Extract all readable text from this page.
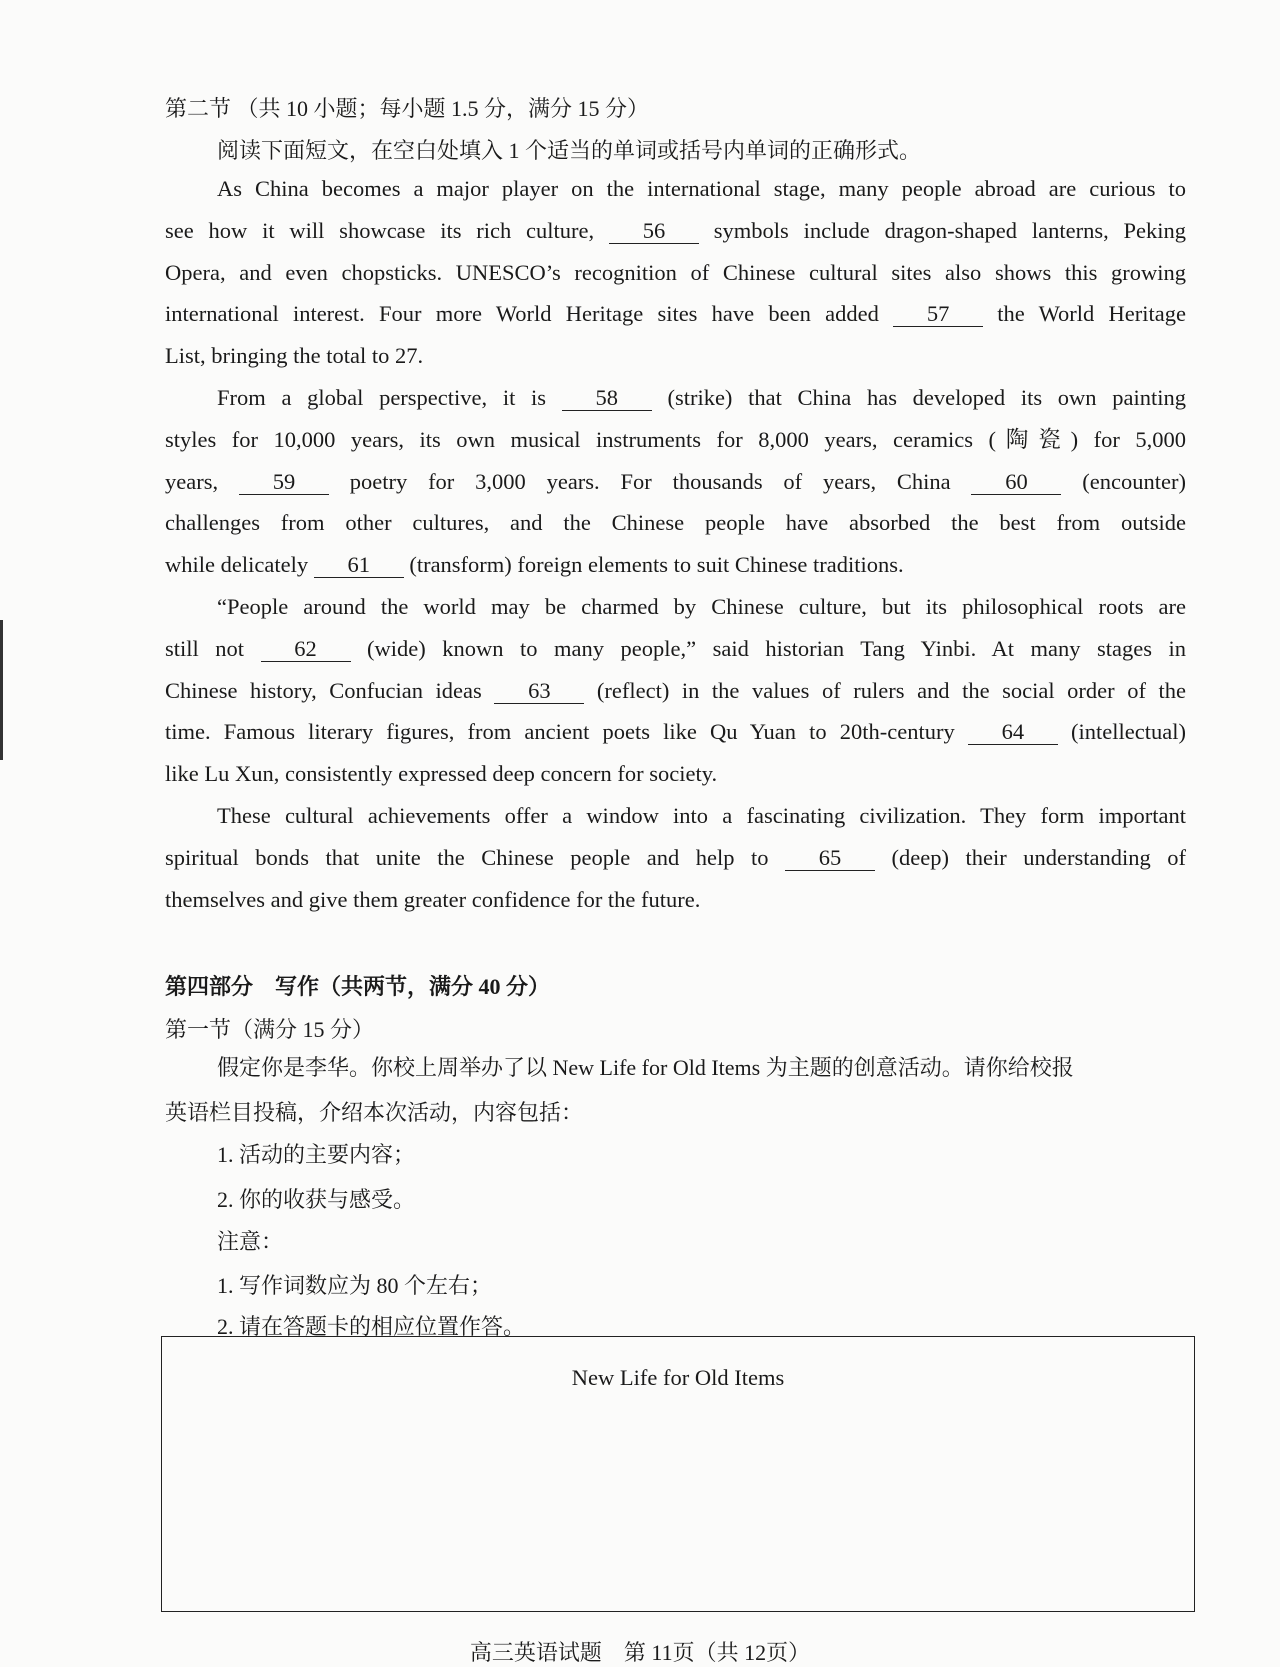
第二节 （共 10 小题；每小题 1.5 分，满分 15 分）
阅读下面短文，在空白处填入 1 个适当的单词或括号内单词的正确形式。
As China becomes a major player on the international stage, many people abroad are curious to
see how it will showcase its rich culture, 56 symbols include dragon-shaped lanterns, Peking
Opera, and even chopsticks. UNESCO’s recognition of Chinese cultural sites also shows this growing
international interest. Four more World Heritage sites have been added 57 the World Heritage
List, bringing the total to 27.
From a global perspective, it is 58 (strike) that China has developed its own painting
styles for 10,000 years, its own musical instruments for 8,000 years, ceramics (陶瓷) for 5,000
years, 59 poetry for 3,000 years. For thousands of years, China 60 (encounter)
challenges from other cultures, and the Chinese people have absorbed the best from outside
while delicately 61 (transform) foreign elements to suit Chinese traditions.
“People around the world may be charmed by Chinese culture, but its philosophical roots are
still not 62 (wide) known to many people,” said historian Tang Yinbi. At many stages in
Chinese history, Confucian ideas 63 (reflect) in the values of rulers and the social order of the
time. Famous literary figures, from ancient poets like Qu Yuan to 20th-century 64 (intellectual)
like Lu Xun, consistently expressed deep concern for society.
These cultural achievements offer a window into a fascinating civilization. They form important
spiritual bonds that unite the Chinese people and help to 65 (deep) their understanding of
themselves and give them greater confidence for the future.
第四部分　写作（共两节，满分 40 分）
第一节（满分 15 分）
假定你是李华。你校上周举办了以 New Life for Old Items 为主题的创意活动。请你给校报
英语栏目投稿，介绍本次活动，内容包括：
1. 活动的主要内容；
2. 你的收获与感受。
注意：
1. 写作词数应为 80 个左右；
2. 请在答题卡的相应位置作答。
New Life for Old Items
高三英语试题　第 11页（共 12页）
